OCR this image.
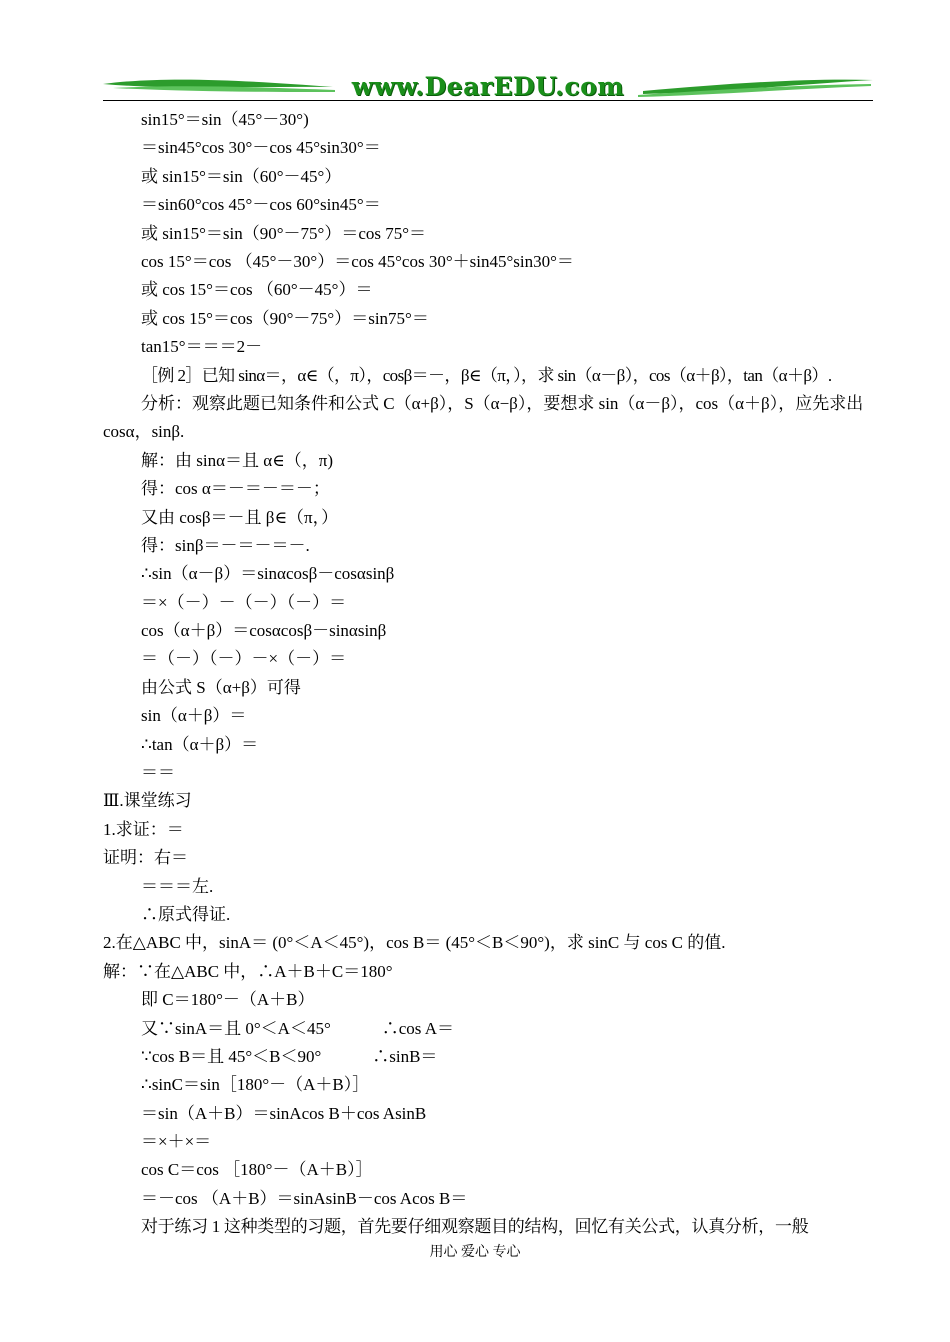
www.DearEDU.com
sin15°＝sin（45°－30°)
＝sin45°cos 30°－cos 45°sin30°＝
或 sin15°＝sin（60°－45°）
＝sin60°cos 45°－cos 60°sin45°＝
或 sin15°＝sin（90°－75°）＝cos 75°＝
cos 15°＝cos （45°－30°）＝cos 45°cos 30°＋sin45°sin30°＝
或 cos 15°＝cos （60°－45°）＝
或 cos 15°＝cos（90°－75°）＝sin75°＝
tan15°＝＝＝2－
［例 2］已知 sinα＝，α∈（，π），cosβ＝－，β∈（π，），求 sin（α－β），cos（α＋β），tan（α＋β）.
分析：观察此题已知条件和公式 C（α+β），S（α−β），要想求 sin（α－β），cos（α＋β），应先求出 cosα，sinβ.
解：由 sinα＝且 α∈（，π)
得：cos α＝－＝－＝－；
又由 cosβ＝－且 β∈（π，）
得：sinβ＝－＝－＝－.
∴sin（α－β）＝sinαcosβ－cosαsinβ
＝×（－）－（－）（－）＝
cos（α＋β）＝cosαcosβ－sinαsinβ
＝（－）（－）－×（－）＝
由公式 S（α+β）可得
sin（α＋β）＝
∴tan（α＋β）＝
＝＝
Ⅲ.课堂练习
1.求证：＝
证明：右＝
＝＝＝左.
∴原式得证.
2.在△ABC 中，sinA＝ (0°＜A＜45°)，cos B＝ (45°＜B＜90°)，求 sinC 与 cos C 的值.
解：∵在△ABC 中，∴A＋B＋C＝180°
即 C＝180°－（A＋B）
又∵sinA＝且 0°＜A＜45°　　　∴cos A＝
∵cos B＝且 45°＜B＜90°　　　∴sinB＝
∴sinC＝sin［180°－（A＋B）］
＝sin（A＋B）＝sinAcos B＋cos AsinB
＝×＋×＝
cos C＝cos ［180°－（A＋B）］
＝－cos （A＋B）＝sinAsinB－cos Acos B＝
对于练习 1 这种类型的习题，首先要仔细观察题目的结构，回忆有关公式，认真分析，一般
用心 爱心 专心
